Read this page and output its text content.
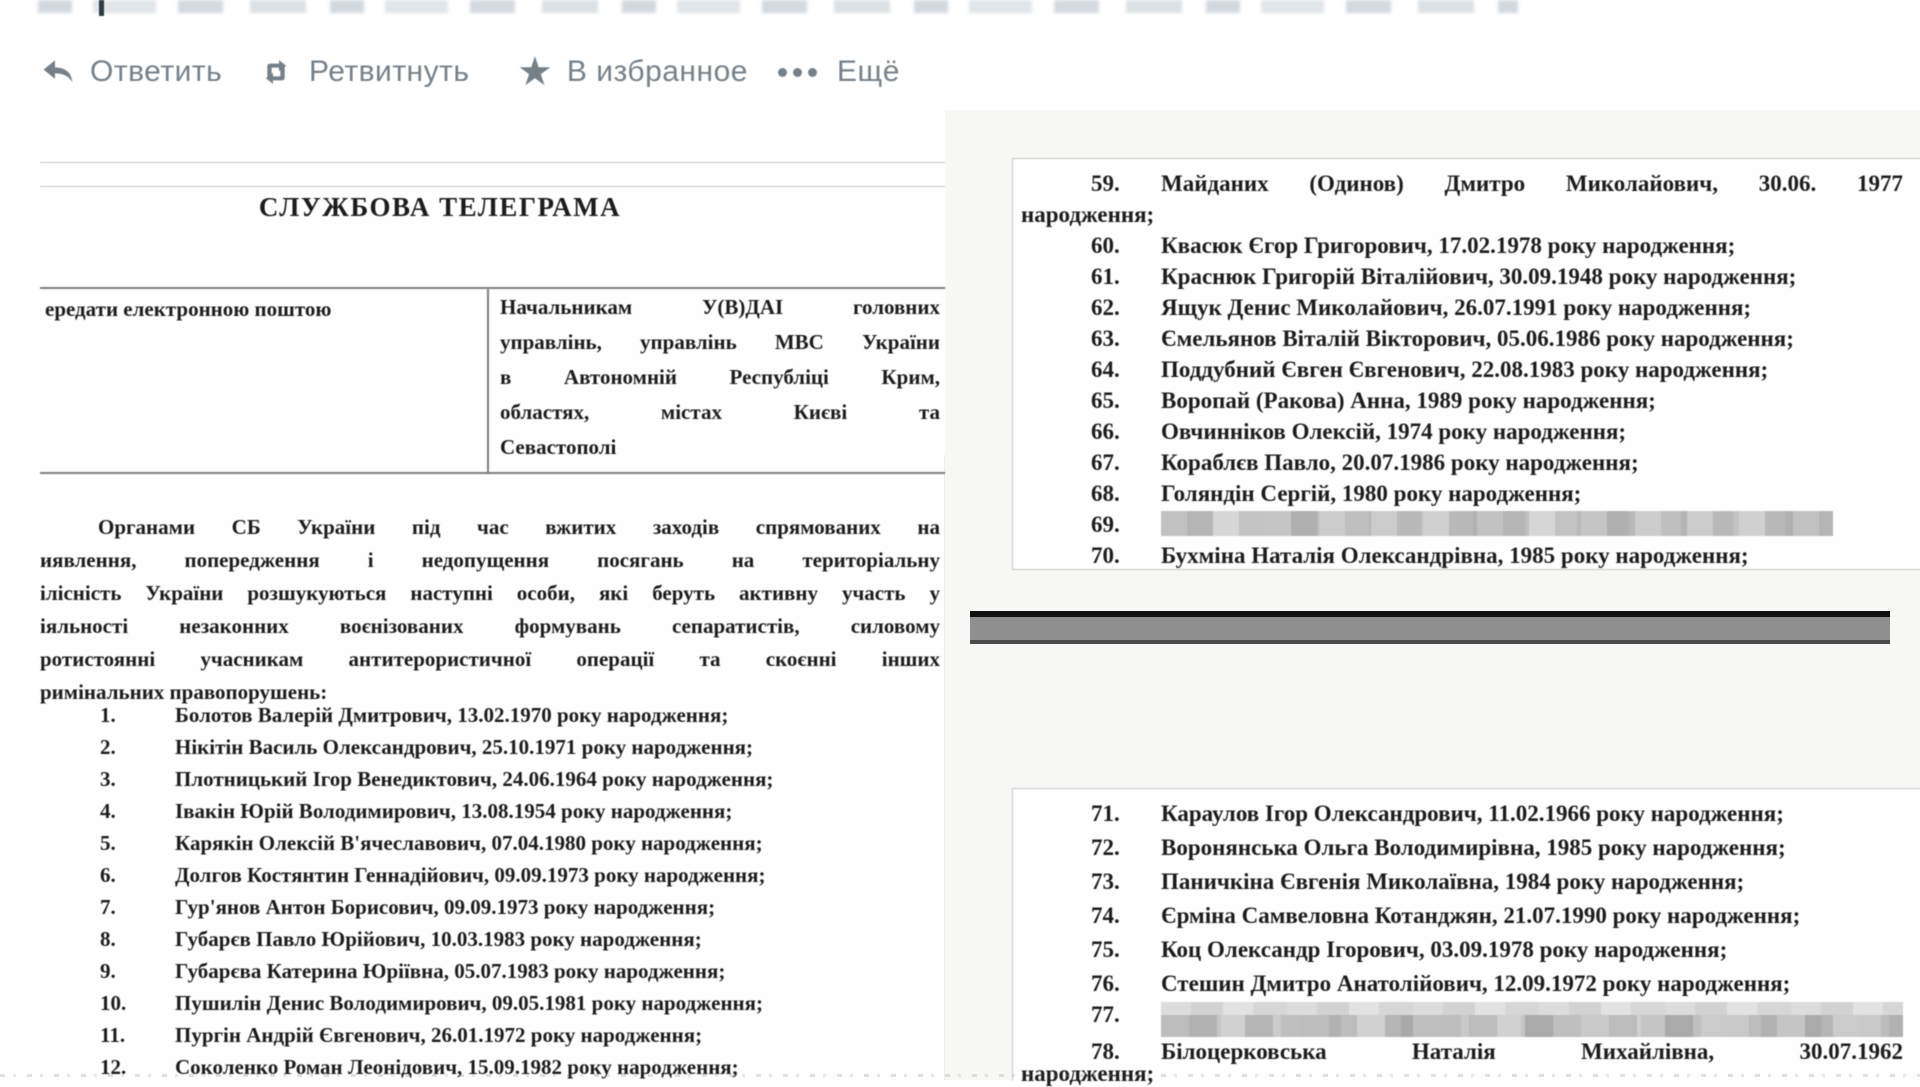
Ответить	Ретвитнуть ★ В избранное	Ещё
СЛУЖБОВА ТЕЛЕГРАМА
ередати електронною поштою	Начальникам У(В)ДАІ головних
управлінь, управлінь МВС України
в Автономній Республіці Крим,
областях, містах Києві та
Севастополі
Органами СБ України під час вжитих заходів спрямованих на
иявлення, попередження і недопущення посягань на територіальну
ілісність України розшукуються наступні особи, які беруть активну участь у
іяльності незаконних воєнізованих формувань сепаратистів, силовому
ротистоянні учасникам антитерористичної операції та скоєнні інших
римінальних правопорушень:
1.	Болотов Валерій Дмитрович, 13.02.1970 року народження;
2.	Нікітін Василь Олександрович, 25.10.1971 року народження;
3.	Плотницький Ігор Венедиктович, 24.06.1964 року народження;
4.	Івакін Юрій Володимирович, 13.08.1954 року народження;
5.	Карякін Олексій В'ячеславович, 07.04.1980 року народження;
6.	Долгов Костянтин Геннадійович, 09.09.1973 року народження;
7.	Гур'янов Антон Борисович, 09.09.1973 року народження;
8.	Губарєв Павло Юрійович, 10.03.1983 року народження;
9.	Губарєва Катерина Юріївна, 05.07.1983 року народження;
10.	Пушилін Денис Володимирович, 09.05.1981 року народження;
11.	Пургін Андрій Євгенович, 26.01.1972 року народження;
12.	Соколенко Роман Леонідович, 15.09.1982 року народження;
59.	Майданих (Одинов) Дмитро Миколайович, 30.06. 1977
народження;
60.	Квасюк Єгор Григорович, 17.02.1978 року народження;
61.	Краснюк Григорій Віталійович, 30.09.1948 року народження;
62.	Ящук Денис Миколайович, 26.07.1991 року народження;
63.	Ємельянов Віталій Вікторович, 05.06.1986 року народження;
64.	Поддубний Євген Євгенович, 22.08.1983 року народження;
65.	Воропай (Ракова) Анна, 1989 року народження;
66.	Овчинніков Олексій, 1974 року народження;
67.	Кораблєв Павло, 20.07.1986 року народження;
68.	Голяндін Сергій, 1980 року народження;
69.
70.	Бухміна Наталія Олександрівна, 1985 року народження;
71.	Караулов Ігор Олександрович, 11.02.1966 року народження;
72.	Воронянська Ольга Володимирівна, 1985 року народження;
73.	Паничкіна Євгенія Миколаївна, 1984 року народження;
74.	Єрміна Самвеловна Котанджян, 21.07.1990 року народження;
75.	Коц Олександр Ігорович, 03.09.1978 року народження;
76.	Стешин Дмитро Анатолійович, 12.09.1972 року народження;
77.
78.	Білоцерковська Наталія Михайлівна, 30.07.1962
народження;
